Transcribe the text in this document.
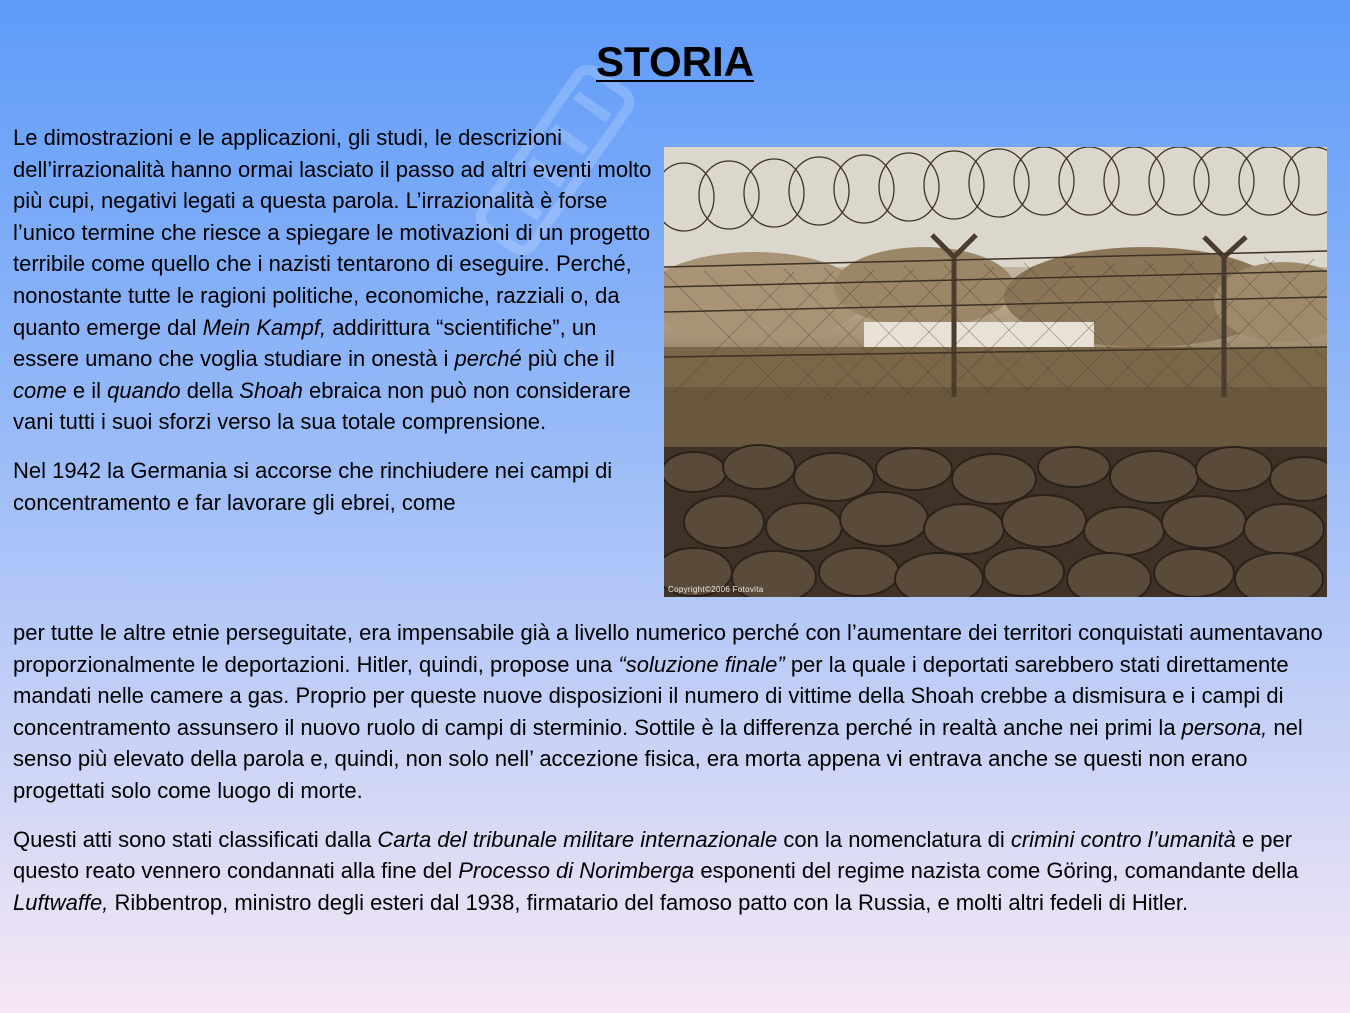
STORIA

Le dimostrazioni e le applicazioni, gli studi, le descrizioni dell’irrazionalità hanno ormai lasciato il passo ad altri eventi molto più cupi, negativi legati a questa parola. L’irrazionalità è forse l’unico termine che riesce a spiegare le motivazioni di un progetto terribile come quello che i nazisti tentarono di eseguire. Perché, nonostante tutte le ragioni politiche, economiche, razziali o, da quanto emerge dal Mein Kampf, addirittura “scientifiche”, un essere umano che voglia studiare in onestà i perché più che il come e il quando della Shoah ebraica non può non considerare vani tutti i suoi sforzi verso la sua totale comprensione.

Nel 1942 la Germania si accorse che rinchiudere nei campi di concentramento e far lavorare gli ebrei, come

Copyright©2006 Fotovita

per tutte le altre etnie perseguitate, era impensabile già a livello numerico perché con l’aumentare dei territori conquistati aumentavano proporzionalmente le deportazioni. Hitler, quindi, propose una “soluzione finale” per la quale i deportati sarebbero stati direttamente mandati nelle camere a gas. Proprio per queste nuove disposizioni il numero di vittime della Shoah crebbe a dismisura e i campi di concentramento assunsero il nuovo ruolo di campi di sterminio. Sottile è la differenza perché in realtà anche nei primi la persona, nel senso più elevato della parola e, quindi, non solo nell’ accezione fisica, era morta appena vi entrava anche se questi non erano progettati solo come luogo di morte.

Questi atti sono stati classificati dalla Carta del tribunale militare internazionale con la nomenclatura di crimini contro l’umanità e per questo reato vennero condannati alla fine del Processo di Norimberga esponenti del regime nazista come Göring, comandante della Luftwaffe, Ribbentrop, ministro degli esteri dal 1938, firmatario del famoso patto con la Russia, e molti altri fedeli di Hitler.
